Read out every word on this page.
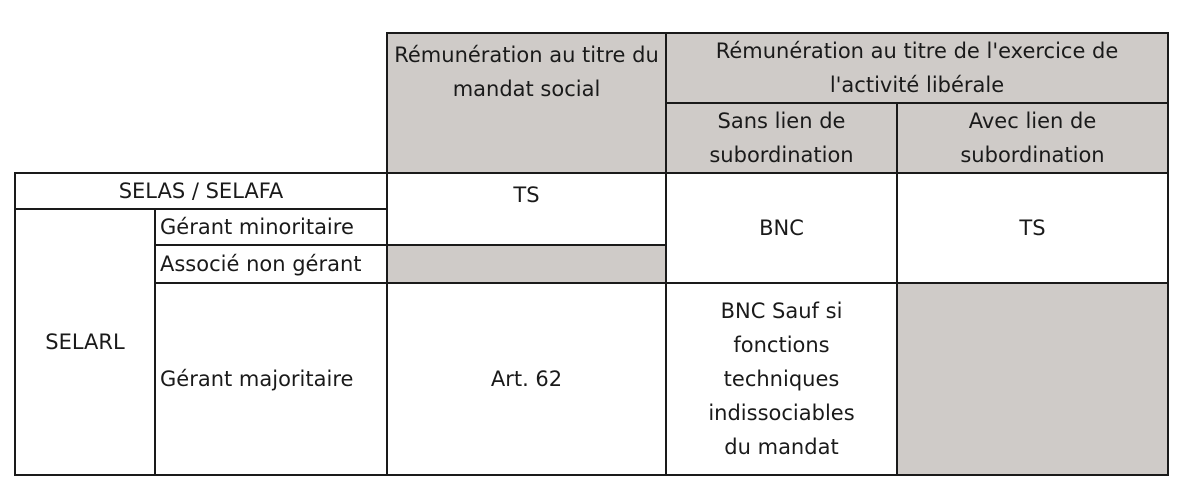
		Rémunération au titre du mandat social	Rémunération au titre de l'exercice de l'activité libérale	
			Sans lien de subordination	Avec lien de subordination
SELAS / SELAFA		TS	BNC	TS
SELARL	Gérant minoritaire			
	Associé non gérant			
	Gérant majoritaire	Art. 62	BNC Sauf si fonctions techniques indissociables du mandat	
